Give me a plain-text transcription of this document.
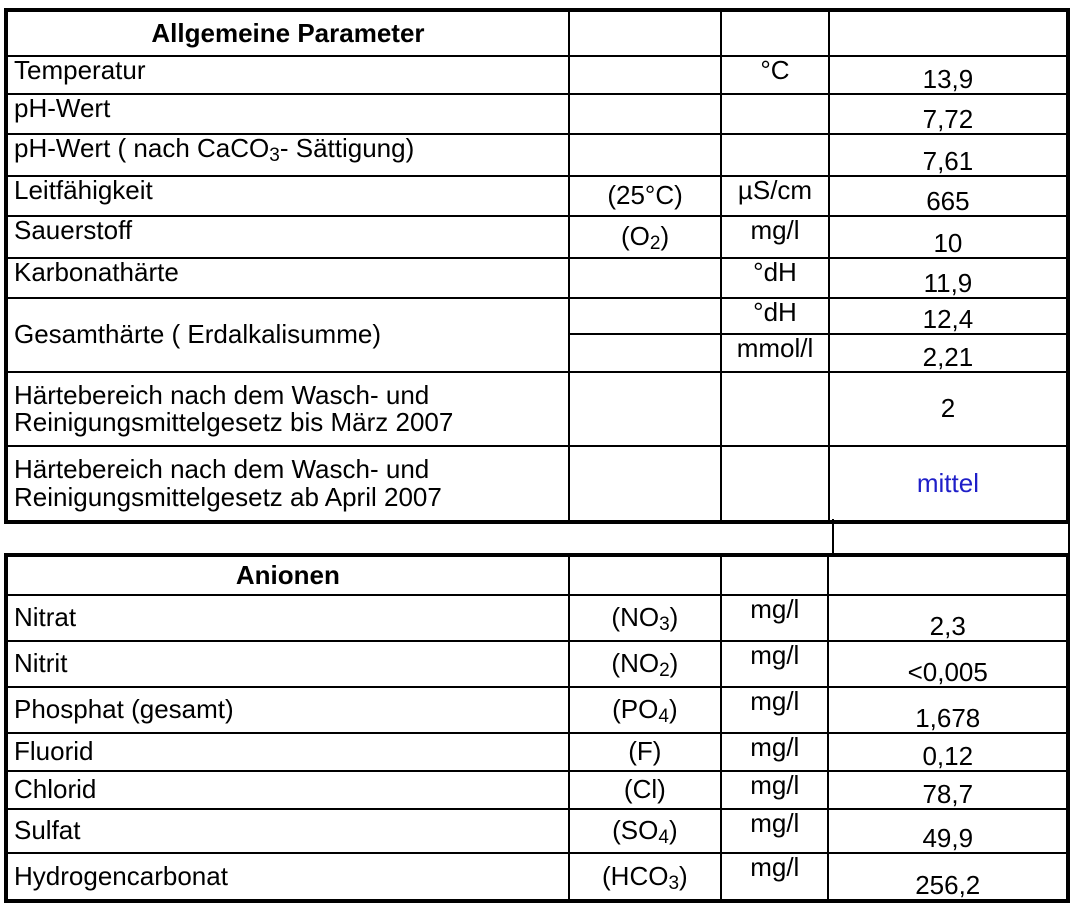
Allgemeine Parameter			
Temperatur		°C	13,9
pH-Wert			7,72
pH-Wert ( nach CaCO$_3$- Sättigung)			7,61
Leitfähigkeit	(25°C)	µS/cm	665
Sauerstoff	$(O_2)$	mg/l	10
Karbonathärte		°dH	11,9
Gesamthärte ( Erdalkalisumme)		°dH	12,4
		mmol/l	2,21

Härtebereich nach dem Wasch- und
Reinigungsmittelgesetz bis März 2007			2

Härtebereich nach dem Wasch- und
Reinigungsmittelgesetz ab April 2007			mittel
Anionen			
Nitrat	$(NO_3)$	mg/l	2,3
Nitrit	$(NO_2)$	mg/l	<0,005
Phosphat (gesamt)	$(PO_4)$	mg/l	1,678
Fluorid	(F)	mg/l	0,12
Chlorid	(Cl)	mg/l	78,7
Sulfat	$(SO_4)$	mg/l	49,9
Hydrogencarbonat	$(HCO_3)$	mg/l	256,2
